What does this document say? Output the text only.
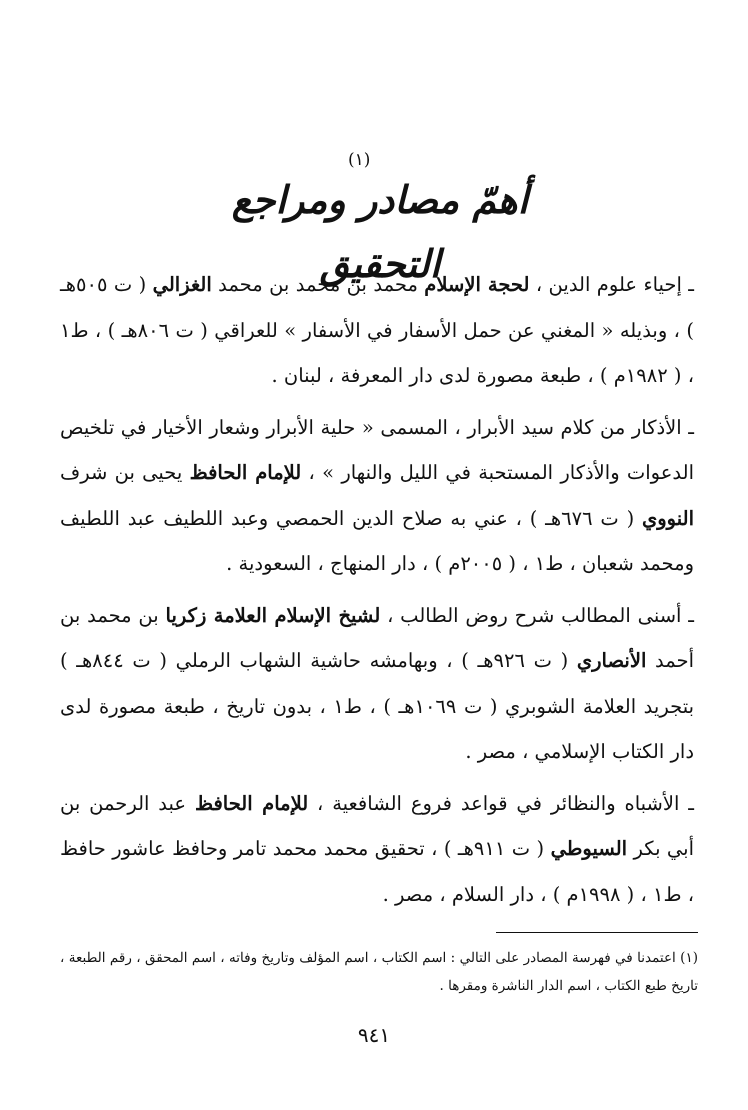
(١)
أهمّ مصادر ومراجع التحقيق	ـ إحياء علوم الدين ، لحجة الإسلام محمد بن محمد بن محمد الغزالي ( ت ٥٠٥هـ ) ، وبذيله « المغني عن حمل الأسفار في الأسفار » للعراقي ( ت ٨٠٦هـ ) ، ط١ ، ( ١٩٨٢م ) ، طبعة مصورة لدى دار المعرفة ، لبنان .

ـ الأذكار من كلام سيد الأبرار ، المسمى « حلية الأبرار وشعار الأخيار في تلخيص الدعوات والأذكار المستحبة في الليل والنهار » ، للإمام الحافظ يحيى بن شرف النووي ( ت ٦٧٦هـ ) ، عني به صلاح الدين الحمصي وعبد اللطيف عبد اللطيف ومحمد شعبان ، ط١ ، ( ٢٠٠٥م ) ، دار المنهاج ، السعودية .

ـ أسنى المطالب شرح روض الطالب ، لشيخ الإسلام العلامة زكريا بن محمد بن أحمد الأنصاري ( ت ٩٢٦هـ ) ، وبهامشه حاشية الشهاب الرملي ( ت ٨٤٤هـ ) بتجريد العلامة الشوبري ( ت ١٠٦٩هـ ) ، ط١ ، بدون تاريخ ، طبعة مصورة لدى دار الكتاب الإسلامي ، مصر .

ـ الأشباه والنظائر في قواعد فروع الشافعية ، للإمام الحافظ عبد الرحمن بن أبي بكر السيوطي ( ت ٩١١هـ ) ، تحقيق محمد محمد تامر وحافظ عاشور حافظ ، ط١ ، ( ١٩٩٨م ) ، دار السلام ، مصر .

(١) اعتمدنا في فهرسة المصادر على التالي : اسم الكتاب ، اسم المؤلف وتاريخ وفاته ، اسم المحقق ، رقم الطبعة ، تاريخ طبع الكتاب ، اسم الدار الناشرة ومقرها .
٩٤١
